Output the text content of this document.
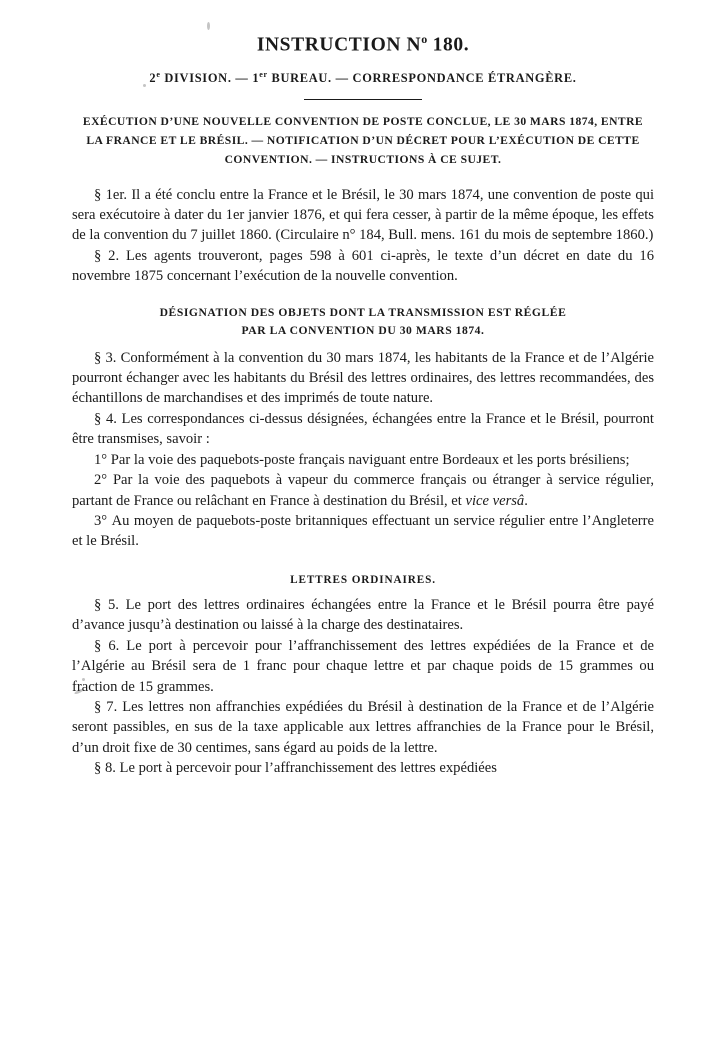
INSTRUCTION $N^o$ 180.
2e DIVISION. — 1er BUREAU. — CORRESPONDANCE ÉTRANGÈRE.
EXÉCUTION D’UNE NOUVELLE CONVENTION DE POSTE CONCLUE, LE 30 MARS 1874, ENTRE LA FRANCE ET LE BRÉSIL. — NOTIFICATION D’UN DÉCRET POUR L’EXÉCUTION DE CETTE CONVENTION. — INSTRUCTIONS À CE SUJET.

§ 1er. Il a été conclu entre la France et le Brésil, le 30 mars 1874, une convention de poste qui sera exécutoire à dater du 1er janvier 1876, et qui fera cesser, à partir de la même époque, les effets de la convention du 7 juillet 1860. (Circulaire n° 184, Bull. mens. 161 du mois de septembre 1860.)

§ 2. Les agents trouveront, pages 598 à 601 ci-après, le texte d’un décret en date du 16 novembre 1875 concernant l’exécution de la nouvelle convention.

DÉSIGNATION DES OBJETS DONT LA TRANSMISSION EST RÉGLÉE
PAR LA CONVENTION DU 30 MARS 1874.

§ 3. Conformément à la convention du 30 mars 1874, les habitants de la France et de l’Algérie pourront échanger avec les habitants du Brésil des lettres ordinaires, des lettres recommandées, des échantillons de marchandises et des imprimés de toute nature.

§ 4. Les correspondances ci-dessus désignées, échangées entre la France et le Brésil, pourront être transmises, savoir :

1° Par la voie des paquebots-poste français naviguant entre Bordeaux et les ports brésiliens;

2° Par la voie des paquebots à vapeur du commerce français ou étranger à service régulier, partant de France ou relâchant en France à destination du Brésil, et vice versâ.

3° Au moyen de paquebots-poste britanniques effectuant un service régulier entre l’Angleterre et le Brésil.

LETTRES ORDINAIRES.

§ 5. Le port des lettres ordinaires échangées entre la France et le Brésil pourra être payé d’avance jusqu’à destination ou laissé à la charge des destinataires.

§ 6. Le port à percevoir pour l’affranchissement des lettres expédiées de la France et de l’Algérie au Brésil sera de 1 franc pour chaque lettre et par chaque poids de 15 grammes ou fraction de 15 grammes.

§ 7. Les lettres non affranchies expédiées du Brésil à destination de la France et de l’Algérie seront passibles, en sus de la taxe applicable aux lettres affranchies de la France pour le Brésil, d’un droit fixe de 30 centimes, sans égard au poids de la lettre.

§ 8. Le port à percevoir pour l’affranchissement des lettres expédiées
